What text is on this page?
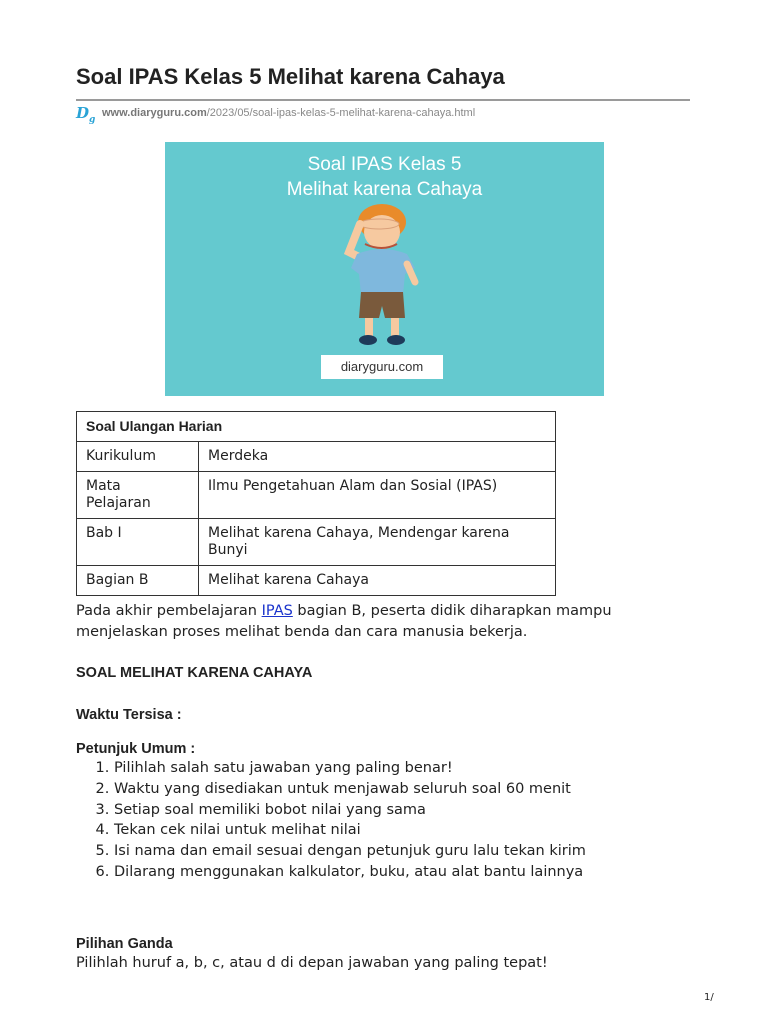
Soal IPAS Kelas 5 Melihat karena Cahaya
$D_g$
www.diaryguru.com/2023/05/soal-ipas-kelas-5-melihat-karena-cahaya.html
Soal IPAS Kelas 5
Melihat karena Cahaya
diaryguru.com
Soal Ulangan Harian	
Kurikulum	Merdeka
Mata Pelajaran	Ilmu Pengetahuan Alam dan Sosial (IPAS)
Bab I	Melihat karena Cahaya, Mendengar karena Bunyi
Bagian B	Melihat karena Cahaya

Pada akhir pembelajaran IPAS bagian B, peserta didik diharapkan mampu menjelaskan proses melihat benda dan cara manusia bekerja.

SOAL MELIHAT KARENA CAHAYA

Waktu Tersisa :

Petunjuk Umum :

1. Pilihlah salah satu jawaban yang paling benar!
2. Waktu yang disediakan untuk menjawab seluruh soal 60 menit
3. Setiap soal memiliki bobot nilai yang sama
4. Tekan cek nilai untuk melihat nilai
5. Isi nama dan email sesuai dengan petunjuk guru lalu tekan kirim
6. Dilarang menggunakan kalkulator, buku, atau alat bantu lainnya

Pilihan Ganda

Pilihlah huruf a, b, c, atau d di depan jawaban yang paling tepat!

1/
